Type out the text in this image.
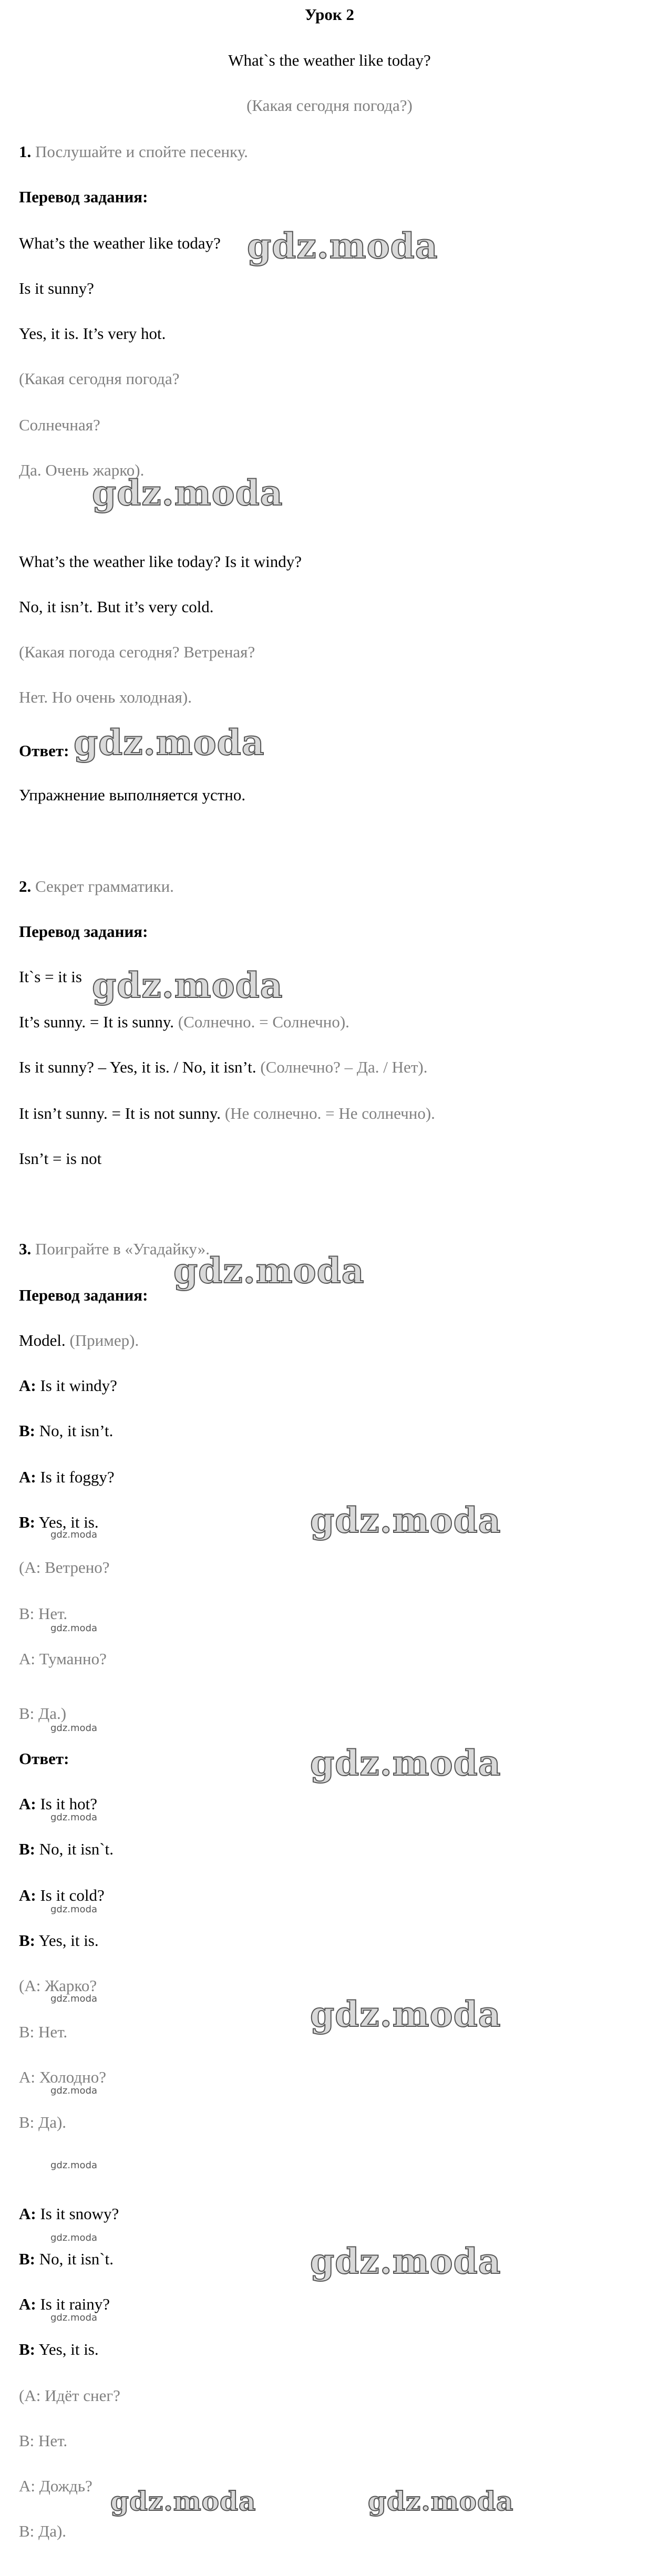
Урок 2
What`s the weather like today?
(Какая сегодня погода?)
1. Послушайте и спойте песенку.
Перевод задания:
What’s the weather like today?
Is it sunny?
Yes, it is. It’s very hot.
(Какая сегодня погода?
Солнечная?
Да. Очень жарко).
What’s the weather like today? Is it windy?
No, it isn’t. But it’s very cold.
(Какая погода сегодня? Ветреная?
Нет. Но очень холодная).
Ответ:
Упражнение выполняется устно.
2. Секрет грамматики.
Перевод задания:
It`s = it is
It’s sunny. = It is sunny. (Солнечно. = Солнечно).
Is it sunny? – Yes, it is. / No, it isn’t. (Солнечно? – Да. / Нет).
It isn’t sunny. = It is not sunny. (Не солнечно. = Не солнечно).
Isn’t = is not
3. Поиграйте в «Угадайку».
Перевод задания:
Model. (Пример).
A: Is it windy?
B: No, it isn’t.
A: Is it foggy?
B: Yes, it is.
(A: Ветрено?
B: Нет.
A: Туманно?
B: Да.)
Ответ:
A: Is it hot?
B: No, it isn`t.
A: Is it cold?
B: Yes, it is.
(A: Жарко?
B: Нет.
A: Холодно?
B: Да).
A: Is it snowy?
B: No, it isn`t.
A: Is it rainy?
B: Yes, it is.
(A: Идёт снег?
B: Нет.
A: Дождь?
B: Да).
gdz.moda
gdz.moda
gdz.moda
gdz.moda
gdz.moda
gdz.moda
gdz.moda
gdz.moda
gdz.moda
gdz.moda	gdz.moda
gdz.moda
gdz.moda
gdz.moda
gdz.moda
gdz.moda
gdz.moda
gdz.moda
gdz.moda
gdz.moda
gdz.moda
